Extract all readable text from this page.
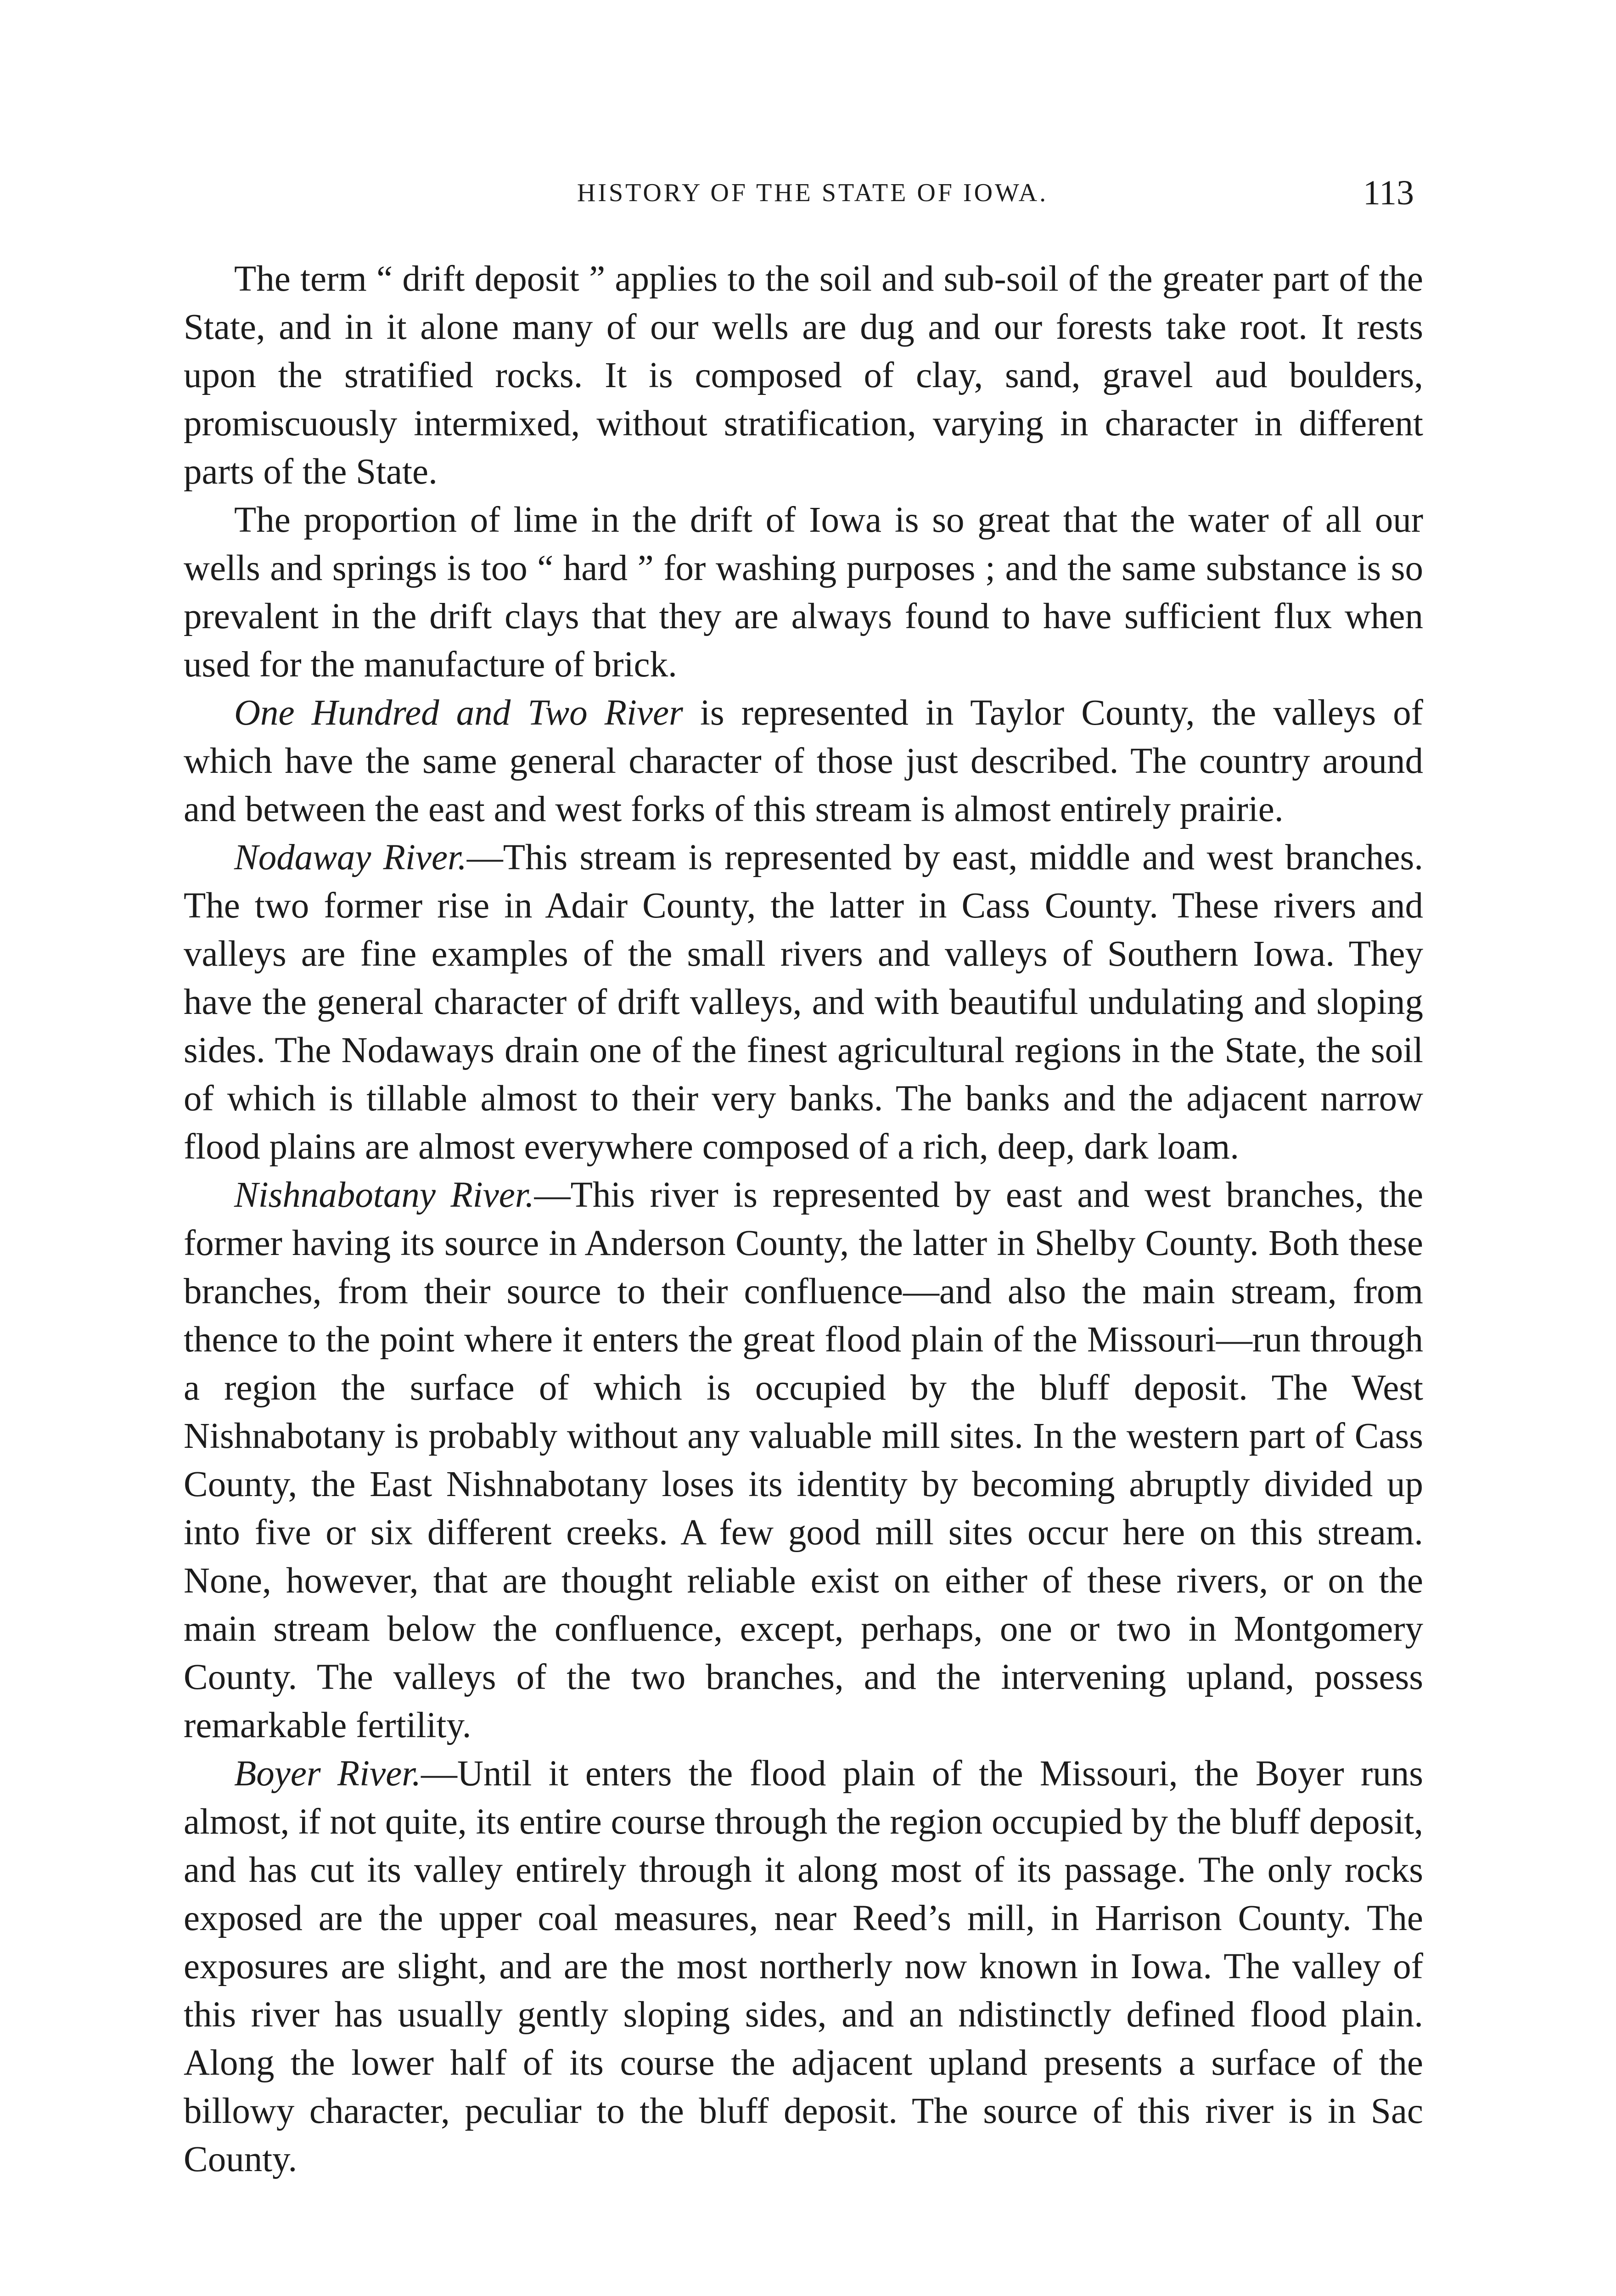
HISTORY OF THE STATE OF IOWA.	113

The term “ drift deposit ” applies to the soil and sub-soil of the greater part of the State, and in it alone many of our wells are dug and our forests take root. It rests upon the stratified rocks. It is composed of clay, sand, gravel aud boulders, promiscuously intermixed, without stratification, varying in character in different parts of the State.

The proportion of lime in the drift of Iowa is so great that the water of all our wells and springs is too “ hard ” for washing purposes ; and the same substance is so prevalent in the drift clays that they are always found to have sufficient flux when used for the manufacture of brick.

One Hundred and Two River is represented in Taylor County, the valleys of which have the same general character of those just described. The country around and between the east and west forks of this stream is almost entirely prairie.

Nodaway River.—This stream is represented by east, middle and west branches. The two former rise in Adair County, the latter in Cass County. These rivers and valleys are fine examples of the small rivers and valleys of Southern Iowa. They have the general character of drift valleys, and with beautiful undulating and sloping sides. The Nodaways drain one of the finest agricultural regions in the State, the soil of which is tillable almost to their very banks. The banks and the adjacent narrow flood plains are almost everywhere composed of a rich, deep, dark loam.

Nishnabotany River.—This river is represented by east and west branches, the former having its source in Anderson County, the latter in Shelby County. Both these branches, from their source to their confluence—and also the main stream, from thence to the point where it enters the great flood plain of the Missouri—run through a region the surface of which is occupied by the bluff deposit. The West Nishnabotany is probably without any valuable mill sites. In the western part of Cass County, the East Nishnabotany loses its identity by becoming abruptly divided up into five or six different creeks. A few good mill sites occur here on this stream. None, however, that are thought reliable exist on either of these rivers, or on the main stream below the confluence, except, perhaps, one or two in Montgomery County. The valleys of the two branches, and the intervening upland, possess remarkable fertility.

Boyer River.—Until it enters the flood plain of the Missouri, the Boyer runs almost, if not quite, its entire course through the region occupied by the bluff deposit, and has cut its valley entirely through it along most of its passage. The only rocks exposed are the upper coal measures, near Reed’s mill, in Harrison County. The exposures are slight, and are the most northerly now known in Iowa. The valley of this river has usually gently sloping sides, and an ndistinctly defined flood plain. Along the lower half of its course the adjacent upland presents a surface of the billowy character, peculiar to the bluff deposit. The source of this river is in Sac County.
